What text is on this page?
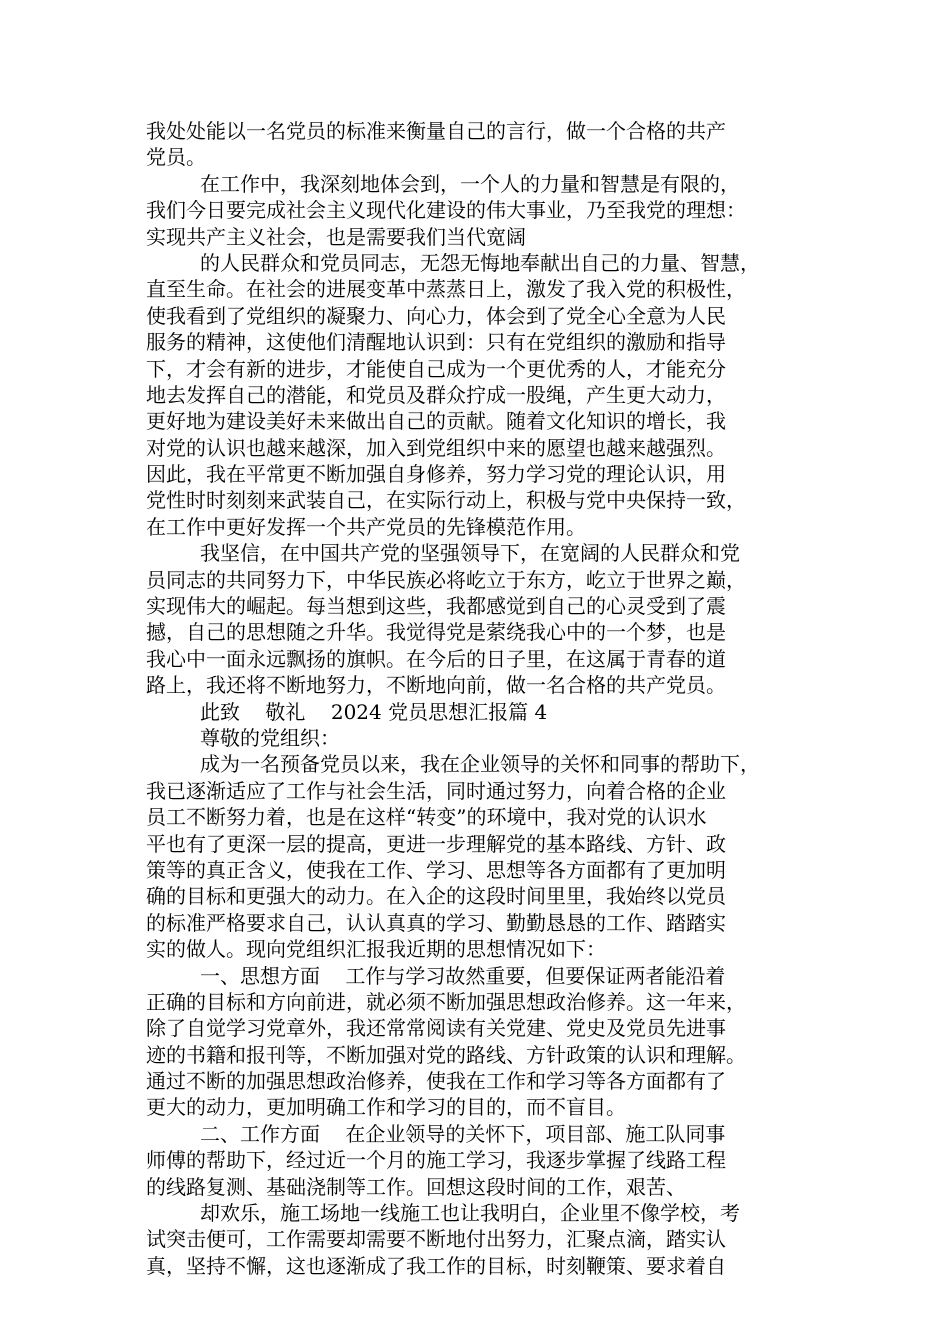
我处处能以一名党员的标准来衡量自己的言行，做一个合格的共产
党员。
在工作中，我深刻地体会到，一个人的力量和智慧是有限的，
我们今日要完成社会主义现代化建设的伟大事业，乃至我党的理想：
实现共产主义社会，也是需要我们当代宽阔
的人民群众和党员同志，无怨无悔地奉献出自己的力量、智慧，
直至生命。在社会的进展变革中蒸蒸日上，激发了我入党的积极性，
使我看到了党组织的凝聚力、向心力，体会到了党全心全意为人民
服务的精神，这使他们清醒地认识到：只有在党组织的激励和指导
下，才会有新的进步，才能使自己成为一个更优秀的人，才能充分
地去发挥自己的潜能，和党员及群众拧成一股绳，产生更大动力，
更好地为建设美好未来做出自己的贡献。随着文化知识的增长，我
对党的认识也越来越深，加入到党组织中来的愿望也越来越强烈。
因此，我在平常更不断加强自身修养，努力学习党的理论认识，用
党性时时刻刻来武装自己，在实际行动上，积极与党中央保持一致，
在工作中更好发挥一个共产党员的先锋模范作用。
我坚信，在中国共产党的坚强领导下，在宽阔的人民群众和党
员同志的共同努力下，中华民族必将屹立于东方，屹立于世界之巅，
实现伟大的崛起。每当想到这些，我都感觉到自己的心灵受到了震
撼，自己的思想随之升华。我觉得党是萦绕我心中的一个梦，也是
我心中一面永远飘扬的旗帜。在今后的日子里，在这属于青春的道
路上，我还将不断地努力，不断地向前，做一名合格的共产党员。
此致    敬礼    2024 党员思想汇报篇 4
尊敬的党组织：
成为一名预备党员以来，我在企业领导的关怀和同事的帮助下，
我已逐渐适应了工作与社会生活，同时通过努力，向着合格的企业
员工不断努力着，也是在这样“转变”的环境中，我对党的认识水
平也有了更深一层的提高，更进一步理解党的基本路线、方针、政
策等的真正含义，使我在工作、学习、思想等各方面都有了更加明
确的目标和更强大的动力。在入企的这段时间里里，我始终以党员
的标准严格要求自己，认认真真的学习、勤勤恳恳的工作、踏踏实
实的做人。现向党组织汇报我近期的思想情况如下：
一、思想方面    工作与学习故然重要，但要保证两者能沿着
正确的目标和方向前进，就必须不断加强思想政治修养。这一年来，
除了自觉学习党章外，我还常常阅读有关党建、党史及党员先进事
迹的书籍和报刊等，不断加强对党的路线、方针政策的认识和理解。
通过不断的加强思想政治修养，使我在工作和学习等各方面都有了
更大的动力，更加明确工作和学习的目的，而不盲目。
二、工作方面    在企业领导的关怀下，项目部、施工队同事
师傅的帮助下，经过近一个月的施工学习，我逐步掌握了线路工程
的线路复测、基础浇制等工作。回想这段时间的工作，艰苦、
却欢乐，施工场地一线施工也让我明白，企业里不像学校，考
试突击便可，工作需要却需要不断地付出努力，汇聚点滴，踏实认
真，坚持不懈，这也逐渐成了我工作的目标，时刻鞭策、要求着自
